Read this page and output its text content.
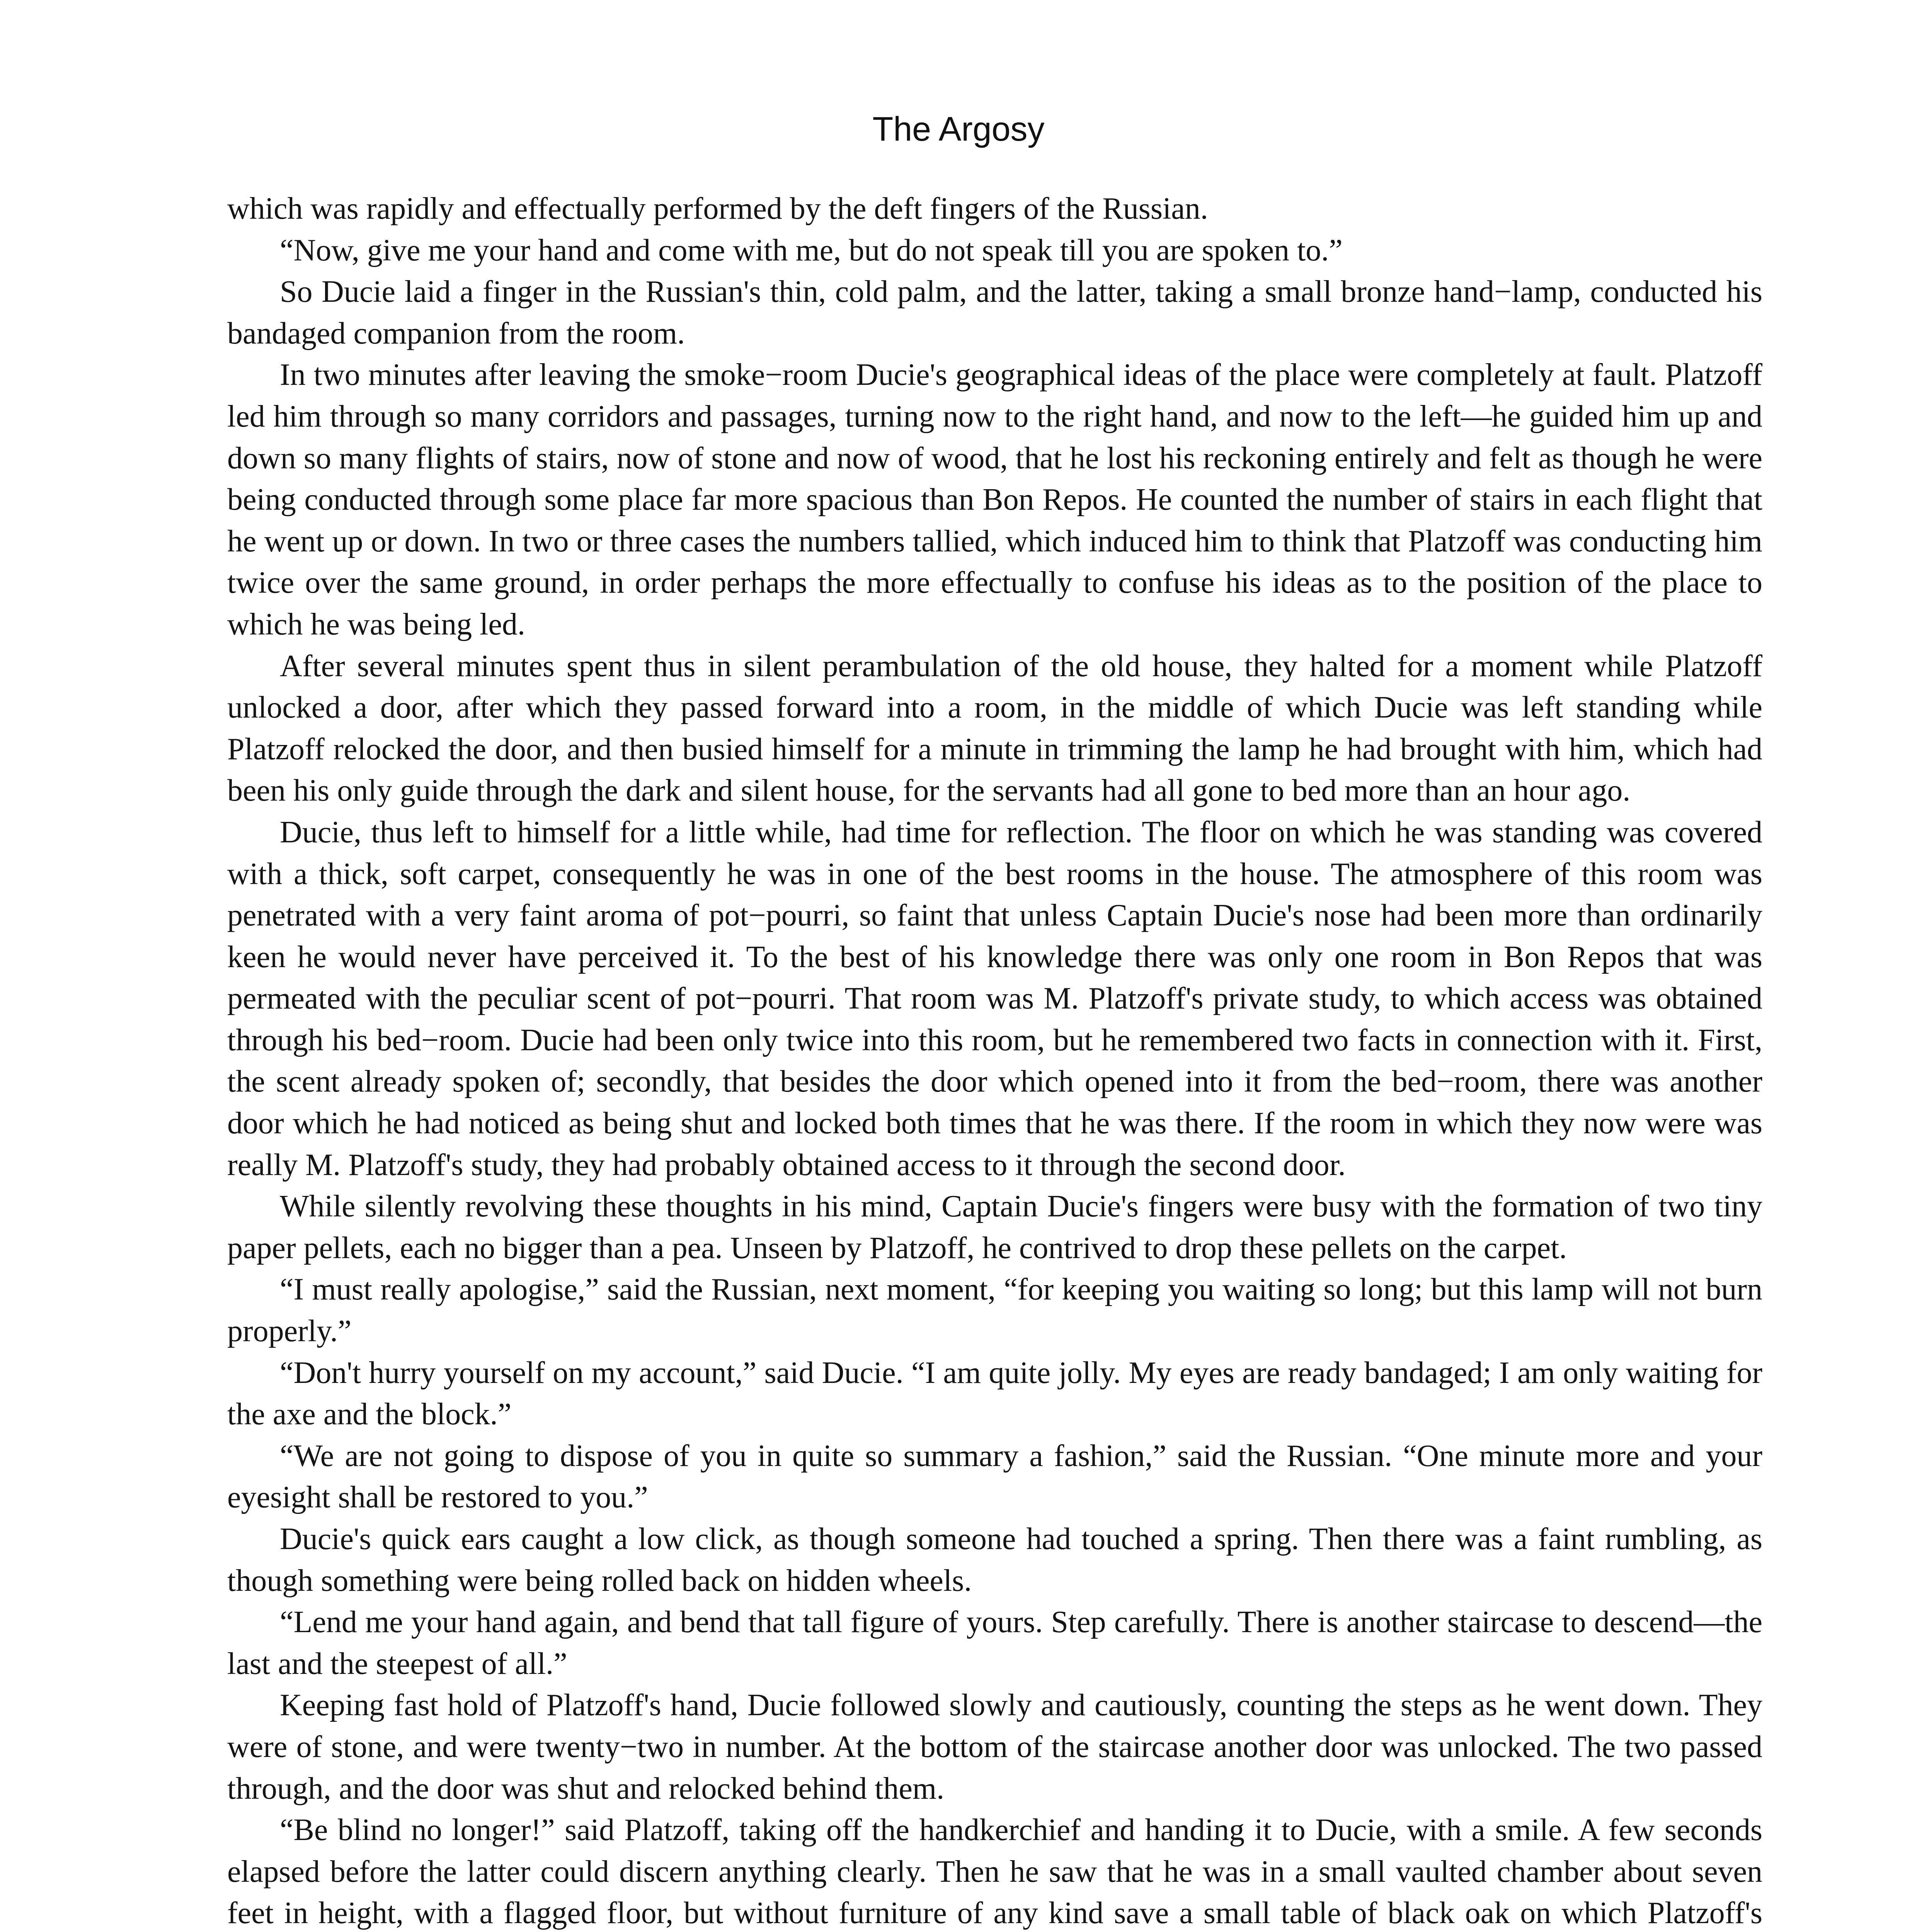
The Argosy

which was rapidly and effectually performed by the deft fingers of the Russian.

“Now, give me your hand and come with me, but do not speak till you are spoken to.”

So Ducie laid a finger in the Russian's thin, cold palm, and the latter, taking a small bronze hand−lamp, conducted his bandaged companion from the room.

In two minutes after leaving the smoke−room Ducie's geographical ideas of the place were completely at fault. Platzoff led him through so many corridors and passages, turning now to the right hand, and now to the left—he guided him up and down so many flights of stairs, now of stone and now of wood, that he lost his reckoning entirely and felt as though he were being conducted through some place far more spacious than Bon Repos. He counted the number of stairs in each flight that he went up or down. In two or three cases the numbers tallied, which induced him to think that Platzoff was conducting him twice over the same ground, in order perhaps the more effectually to confuse his ideas as to the position of the place to which he was being led.

After several minutes spent thus in silent perambulation of the old house, they halted for a moment while Platzoff unlocked a door, after which they passed forward into a room, in the middle of which Ducie was left standing while Platzoff relocked the door, and then busied himself for a minute in trimming the lamp he had brought with him, which had been his only guide through the dark and silent house, for the servants had all gone to bed more than an hour ago.

Ducie, thus left to himself for a little while, had time for reflection. The floor on which he was standing was covered with a thick, soft carpet, consequently he was in one of the best rooms in the house. The atmosphere of this room was penetrated with a very faint aroma of pot−pourri, so faint that unless Captain Ducie's nose had been more than ordinarily keen he would never have perceived it. To the best of his knowledge there was only one room in Bon Repos that was permeated with the peculiar scent of pot−pourri. That room was M. Platzoff's private study, to which access was obtained through his bed−room. Ducie had been only twice into this room, but he remembered two facts in connection with it. First, the scent already spoken of; secondly, that besides the door which opened into it from the bed−room, there was another door which he had noticed as being shut and locked both times that he was there. If the room in which they now were was really M. Platzoff's study, they had probably obtained access to it through the second door.

While silently revolving these thoughts in his mind, Captain Ducie's fingers were busy with the formation of two tiny paper pellets, each no bigger than a pea. Unseen by Platzoff, he contrived to drop these pellets on the carpet.

“I must really apologise,” said the Russian, next moment, “for keeping you waiting so long; but this lamp will not burn properly.”

“Don't hurry yourself on my account,” said Ducie. “I am quite jolly. My eyes are ready bandaged; I am only waiting for the axe and the block.”

“We are not going to dispose of you in quite so summary a fashion,” said the Russian. “One minute more and your eyesight shall be restored to you.”

Ducie's quick ears caught a low click, as though someone had touched a spring. Then there was a faint rumbling, as though something were being rolled back on hidden wheels.

“Lend me your hand again, and bend that tall figure of yours. Step carefully. There is another staircase to descend—the last and the steepest of all.”

Keeping fast hold of Platzoff's hand, Ducie followed slowly and cautiously, counting the steps as he went down. They were of stone, and were twenty−two in number. At the bottom of the staircase another door was unlocked. The two passed through, and the door was shut and relocked behind them.

“Be blind no longer!” said Platzoff, taking off the handkerchief and handing it to Ducie, with a smile. A few seconds elapsed before the latter could discern anything clearly. Then he saw that he was in a small vaulted chamber about seven feet in height, with a flagged floor, but without furniture of any kind save a small table of black oak on which Platzoff's
